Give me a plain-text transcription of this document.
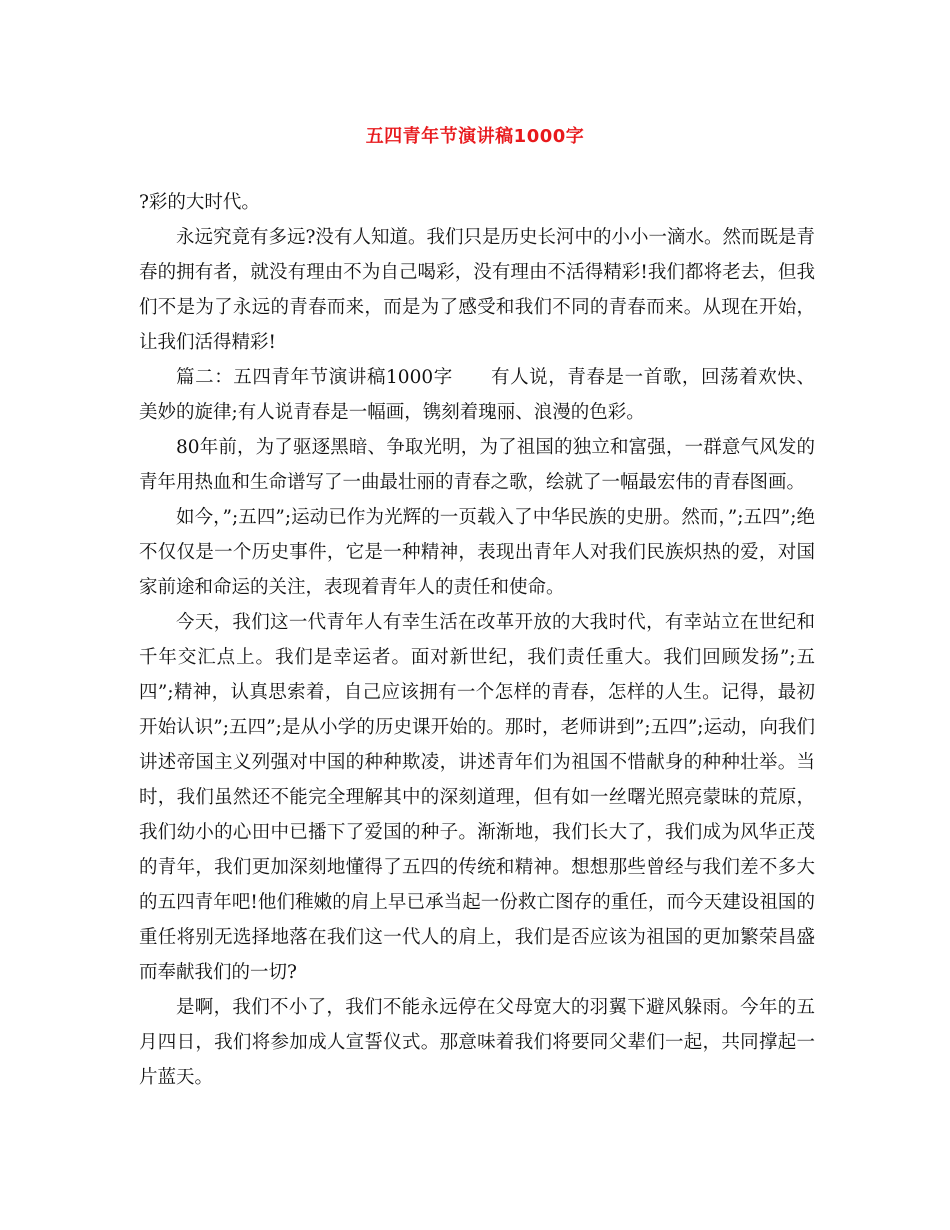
五四青年节演讲稿1000字

?彩的大时代。

永远究竟有多远?没有人知道。我们只是历史长河中的小小一滴水。然而既是青春的拥有者，就没有理由不为自己喝彩，没有理由不活得精彩!我们都将老去，但我们不是为了永远的青春而来，而是为了感受和我们不同的青春而来。从现在开始，让我们活得精彩!

篇二：五四青年节演讲稿1000字　　有人说，青春是一首歌，回荡着欢快、美妙的旋律;有人说青春是一幅画，镌刻着瑰丽、浪漫的色彩。

80年前，为了驱逐黑暗、争取光明，为了祖国的独立和富强，一群意气风发的青年用热血和生命谱写了一曲最壮丽的青春之歌，绘就了一幅最宏伟的青春图画。

如今，”;五四”;运动已作为光辉的一页载入了中华民族的史册。然而，”;五四”;绝不仅仅是一个历史事件，它是一种精神，表现出青年人对我们民族炽热的爱，对国家前途和命运的关注，表现着青年人的责任和使命。

今天，我们这一代青年人有幸生活在改革开放的大我时代，有幸站立在世纪和千年交汇点上。我们是幸运者。面对新世纪，我们责任重大。我们回顾发扬”;五四”;精神，认真思索着，自己应该拥有一个怎样的青春，怎样的人生。记得，最初开始认识”;五四”;是从小学的历史课开始的。那时，老师讲到”;五四”;运动，向我们讲述帝国主义列强对中国的种种欺凌，讲述青年们为祖国不惜献身的种种壮举。当时，我们虽然还不能完全理解其中的深刻道理，但有如一丝曙光照亮蒙昧的荒原，我们幼小的心田中已播下了爱国的种子。渐渐地，我们长大了，我们成为风华正茂的青年，我们更加深刻地懂得了五四的传统和精神。想想那些曾经与我们差不多大的五四青年吧!他们稚嫩的肩上早已承当起一份救亡图存的重任，而今天建设祖国的重任将别无选择地落在我们这一代人的肩上，我们是否应该为祖国的更加繁荣昌盛而奉献我们的一切?

是啊，我们不小了，我们不能永远停在父母宽大的羽翼下避风躲雨。今年的五月四日，我们将参加成人宣誓仪式。那意味着我们将要同父辈们一起，共同撑起一片蓝天。
